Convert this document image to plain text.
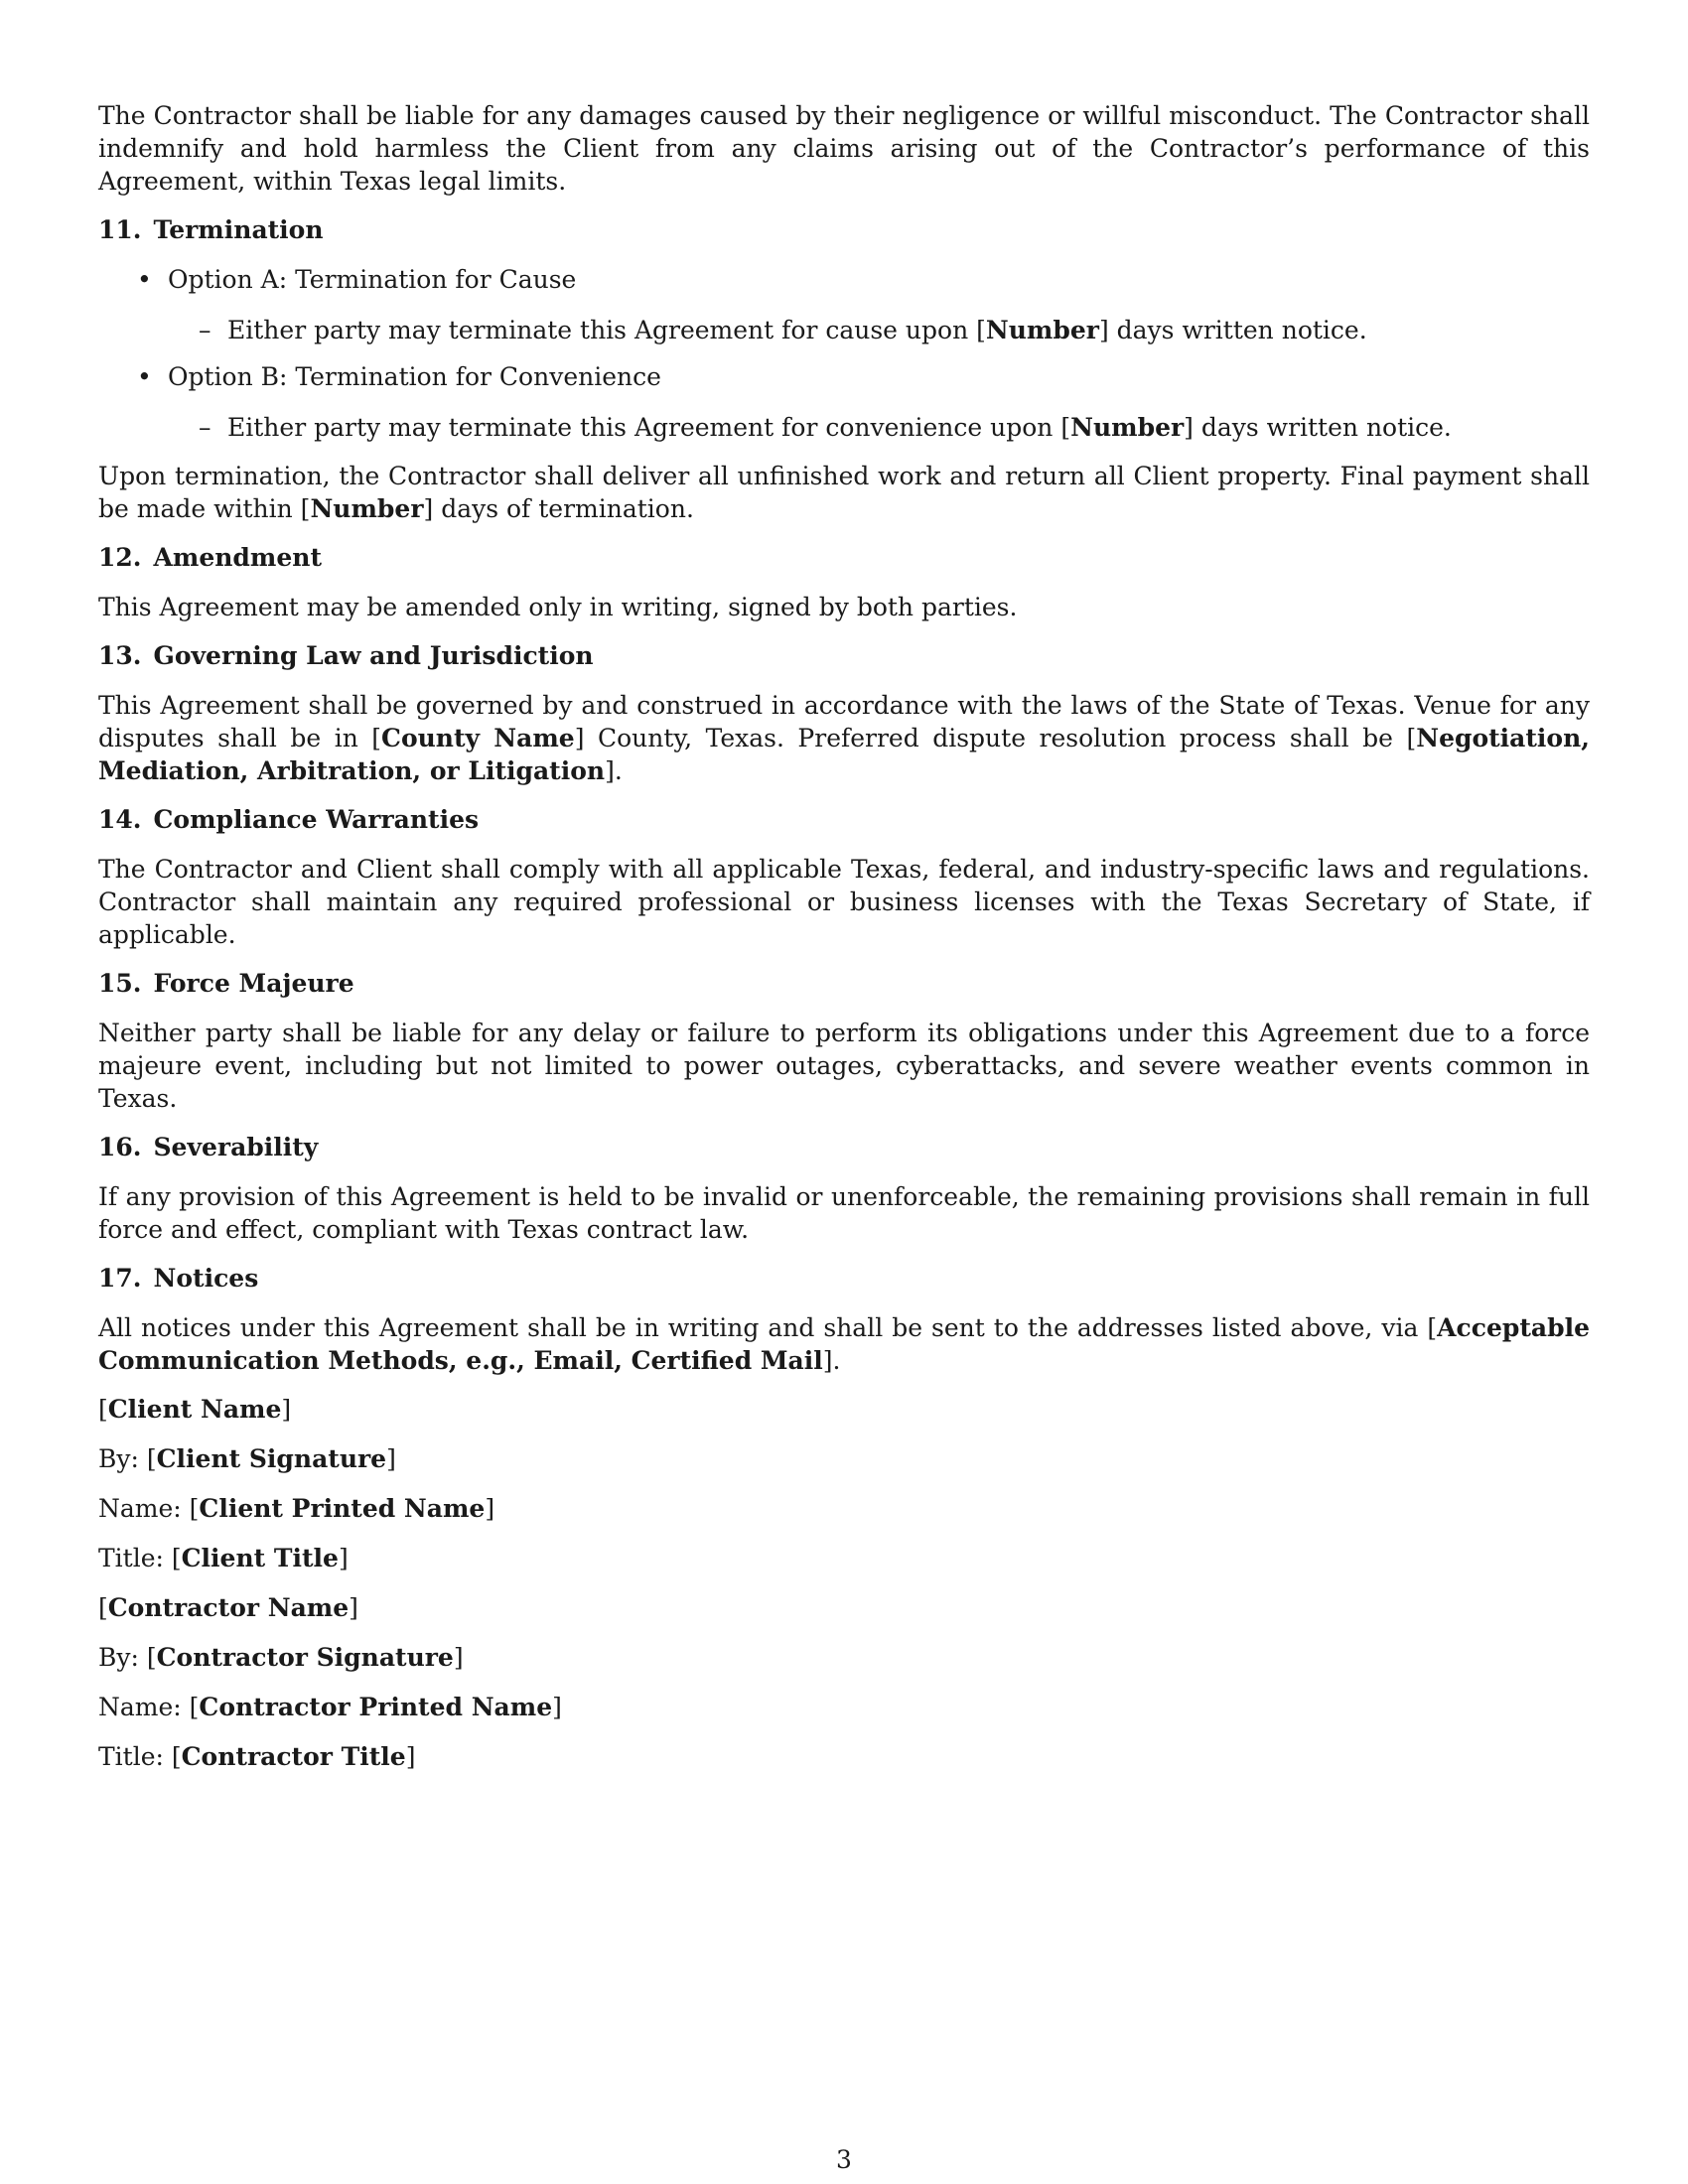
The Contractor shall be liable for any damages caused by their negligence or willful misconduct. The Contractor shall indemnify and hold harmless the Client from any claims arising out of the Contractor’s performance of this Agreement, within Texas legal limits.

11. Termination
• Option A: Termination for Cause
– Either party may terminate this Agreement for cause upon [Number] days written notice.
• Option B: Termination for Convenience
– Either party may terminate this Agreement for convenience upon [Number] days written notice.

Upon termination, the Contractor shall deliver all unfinished work and return all Client property. Final payment shall be made within [Number] days of termination.

12. Amendment

This Agreement may be amended only in writing, signed by both parties.

13. Governing Law and Jurisdiction

This Agreement shall be governed by and construed in accordance with the laws of the State of Texas. Venue for any disputes shall be in [County Name] County, Texas. Preferred dispute resolution process shall be [Negotiation, Mediation, Arbitration, or Litigation].

14. Compliance Warranties

The Contractor and Client shall comply with all applicable Texas, federal, and industry-specific laws and regulations. Contractor shall maintain any required professional or business licenses with the Texas Secretary of State, if applicable.

15. Force Majeure

Neither party shall be liable for any delay or failure to perform its obligations under this Agreement due to a force majeure event, including but not limited to power outages, cyberattacks, and severe weather events common in Texas.

16. Severability

If any provision of this Agreement is held to be invalid or unenforceable, the remaining provisions shall remain in full force and effect, compliant with Texas contract law.

17. Notices

All notices under this Agreement shall be in writing and shall be sent to the addresses listed above, via [Acceptable Communication Methods, e.g., Email, Certified Mail].

[Client Name]

By: [Client Signature]

Name: [Client Printed Name]

Title: [Client Title]

[Contractor Name]

By: [Contractor Signature]

Name: [Contractor Printed Name]

Title: [Contractor Title]

3
